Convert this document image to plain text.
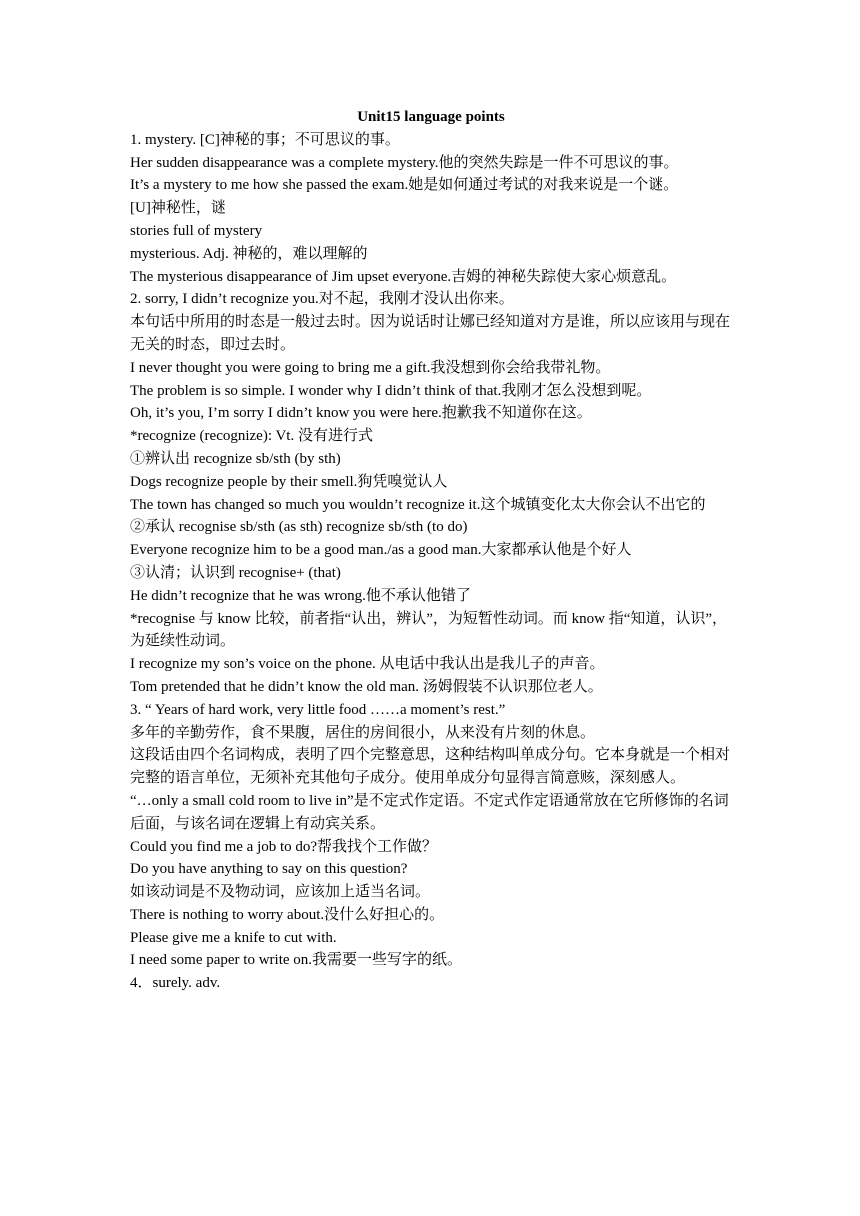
Unit15 language points

1. mystery. [C]神秘的事；不可思议的事。

Her sudden disappearance was a complete mystery.他的突然失踪是一件不可思议的事。

It’s a mystery to me how she passed the exam.她是如何通过考试的对我来说是一个谜。

[U]神秘性，谜

stories full of mystery

mysterious. Adj. 神秘的，难以理解的

The mysterious disappearance of Jim upset everyone.吉姆的神秘失踪使大家心烦意乱。

2. sorry, I didn’t recognize you.对不起，我刚才没认出你来。

本句话中所用的时态是一般过去时。因为说话时让娜已经知道对方是谁，所以应该用与现在无关的时态，即过去时。

I never thought you were going to bring me a gift.我没想到你会给我带礼物。

The problem is so simple. I wonder why I didn’t think of that.我刚才怎么没想到呢。

Oh, it’s you, I’m sorry I didn’t know you were here.抱歉我不知道你在这。

*recognize (recognize): Vt. 没有进行式

①辨认出 recognize sb/sth (by sth)

Dogs recognize people by their smell.狗凭嗅觉认人

The town has changed so much you wouldn’t recognize it.这个城镇变化太大你会认不出它的

②承认 recognise sb/sth (as sth) recognize sb/sth (to do)

Everyone recognize him to be a good man./as a good man.大家都承认他是个好人

③认清；认识到 recognise+ (that)

He didn’t recognize that he was wrong.他不承认他错了

*recognise 与 know 比较，前者指“认出，辨认”，为短暂性动词。而 know 指“知道，认识”， 为延续性动词。

I recognize my son’s voice on the phone. 从电话中我认出是我儿子的声音。

Tom pretended that he didn’t know the old man. 汤姆假装不认识那位老人。

3. “ Years of hard work, very little food ……a moment’s rest.”

多年的辛勤劳作，食不果腹，居住的房间很小，从来没有片刻的休息。

这段话由四个名词构成，表明了四个完整意思，这种结构叫单成分句。它本身就是一个相对完整的语言单位，无须补充其他句子成分。使用单成分句显得言简意赅，深刻感人。

“…only a small cold room to live in”是不定式作定语。不定式作定语通常放在它所修饰的名词后面，与该名词在逻辑上有动宾关系。

Could you find me a job to do?帮我找个工作做？

Do you have anything to say on this question?

如该动词是不及物动词，应该加上适当名词。

There is nothing to worry about.没什么好担心的。

Please give me a knife to cut with.

I need some paper to write on.我需要一些写字的纸。

4．surely. adv.
